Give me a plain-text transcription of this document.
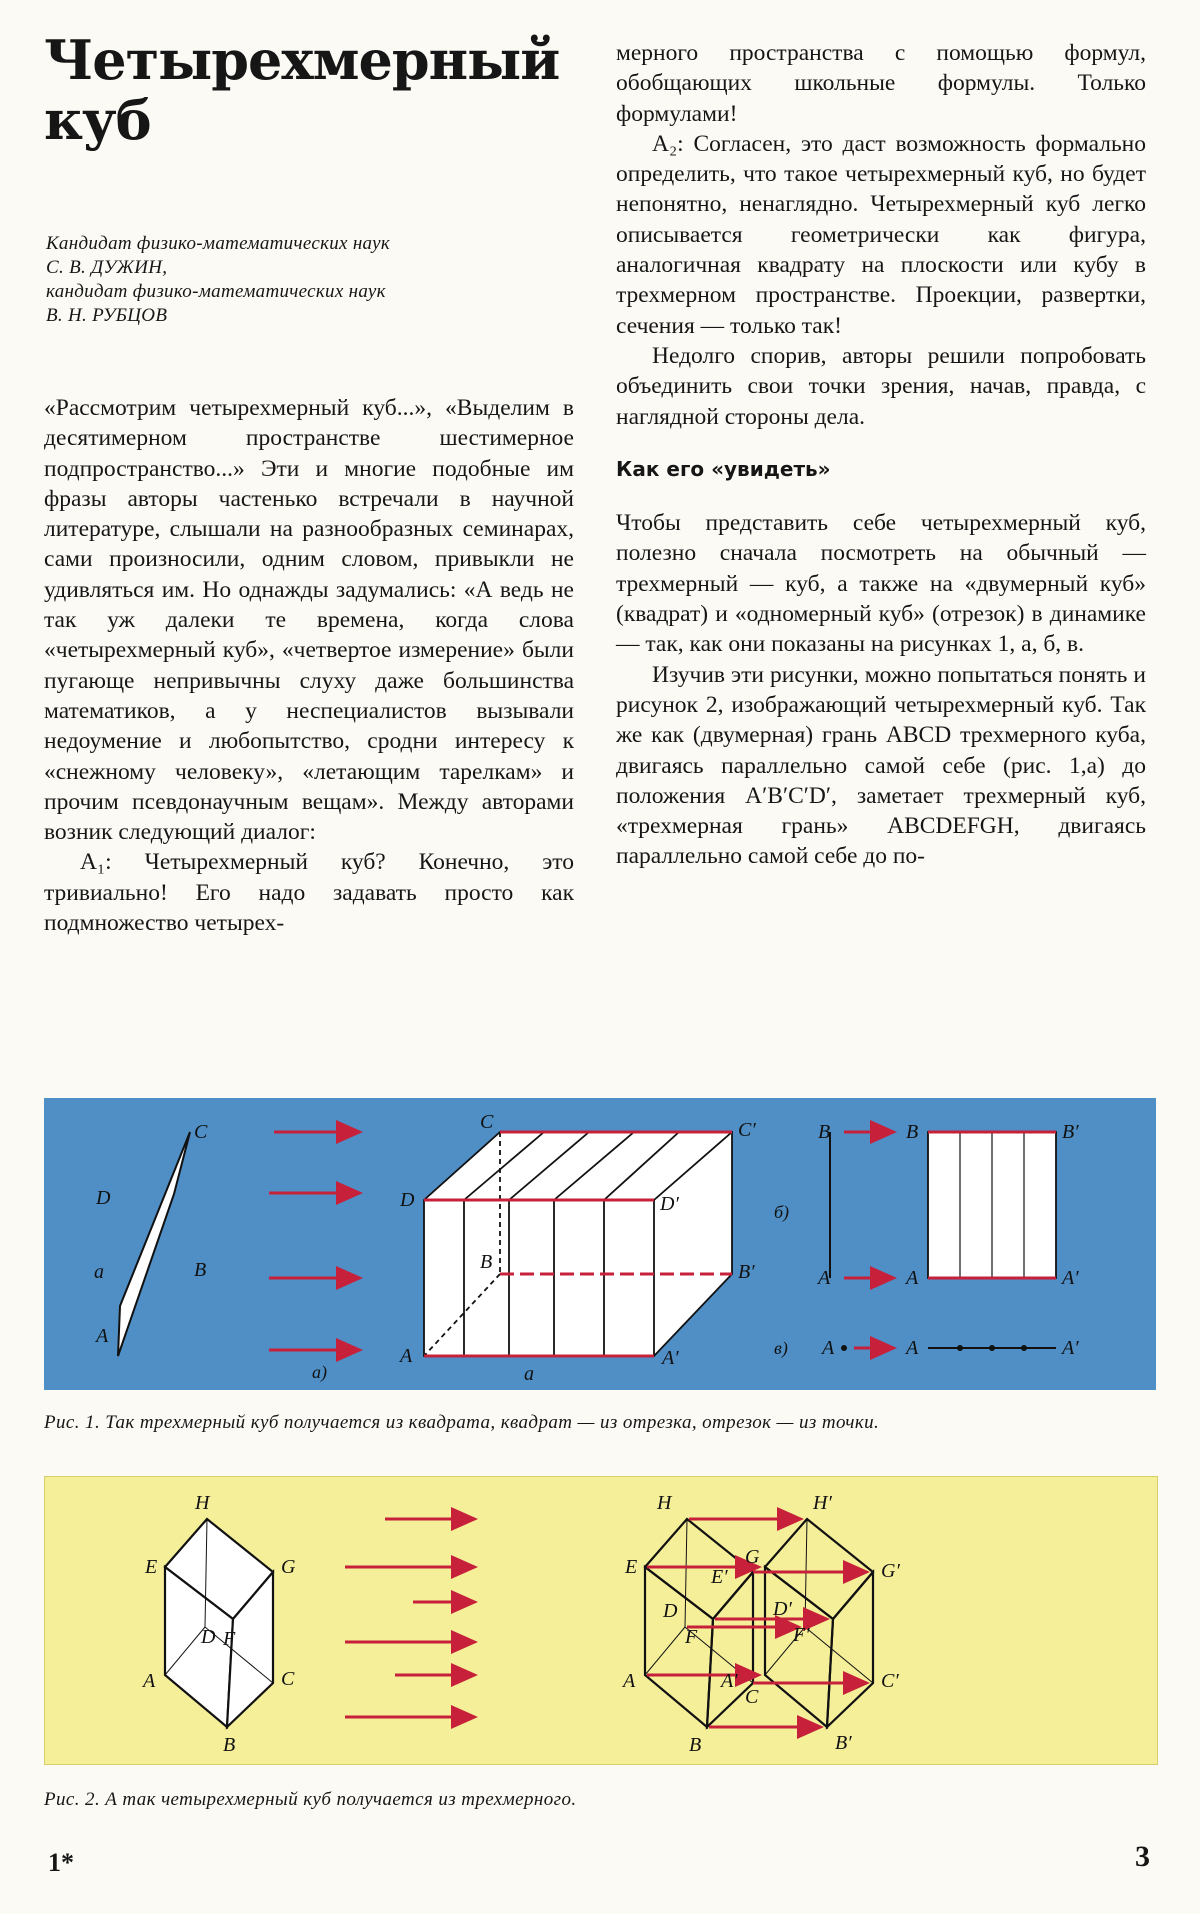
Четырехмерный куб
Кандидат физико-математических наук
С. В. ДУЖИН,
кандидат физико-математических наук
В. Н. РУБЦОВ

«Рассмотрим четырехмерный куб...», «Выделим в десятимерном пространстве шестимерное подпространство...» Эти и многие подобные им фразы авторы частенько встречали в научной литературе, слышали на разнообразных семинарах, сами произносили, одним словом, привыкли не удивляться им. Но однажды задумались: «А ведь не так уж далеки те времена, когда слова «четырехмерный куб», «четвертое измерение» были пугающе непривычны слуху даже большинства математиков, а у неспециалистов вызывали недоумение и любопытство, сродни интересу к «снежному человеку», «летающим тарелкам» и прочим псевдонаучным вещам». Между авторами возник следующий диалог:

A₁: Четырехмерный куб? Конечно, это тривиально! Его надо задавать просто как подмножество четырех-

мерного пространства с помощью формул, обобщающих школьные формулы. Только формулами!

A₂: Согласен, это даст возможность формально определить, что такое четырехмерный куб, но будет непонятно, ненаглядно. Четырехмерный куб легко описывается геометрически как фигура, аналогичная квадрату на плоскости или кубу в трехмерном пространстве. Проекции, развертки, сечения — только так!

Недолго спорив, авторы решили попробовать объединить свои точки зрения, начав, правда, с наглядной стороны дела.

Как его «увидеть»

Чтобы представить себе четырехмерный куб, полезно сначала посмотреть на обычный — трехмерный — куб, а также на «двумерный куб» (квадрат) и «одномерный куб» (отрезок) в динамике — так, как они показаны на рисунках 1, а, б, в.

Изучив эти рисунки, можно попытаться понять и рисунок 2, изображающий четырехмерный куб. Так же как (двумерная) грань ABCD трехмерного куба, двигаясь параллельно самой себе (рис. 1,а) до положения A′B′C′D′, заметает трехмерный куб, «трехмерная грань» ABCDEFGH, двигаясь параллельно самой себе до по-

A
B
C
D
a
а)
A
B
C
D
A′
B′
C′
D′
a
B
A
б)
B
A
B′
A′
в) A	A	A′
Рис. 1. Так трехмерный куб получается из квадрата, квадрат — из отрезка, отрезок — из точки.
E
H
G
D F
A	C
B
E
H
G
D
F
A
C
B
A′
B′
C′
D′
E′
F′
G′
H′
Рис. 2. А так четырехмерный куб получается из трехмерного.
1*	3
